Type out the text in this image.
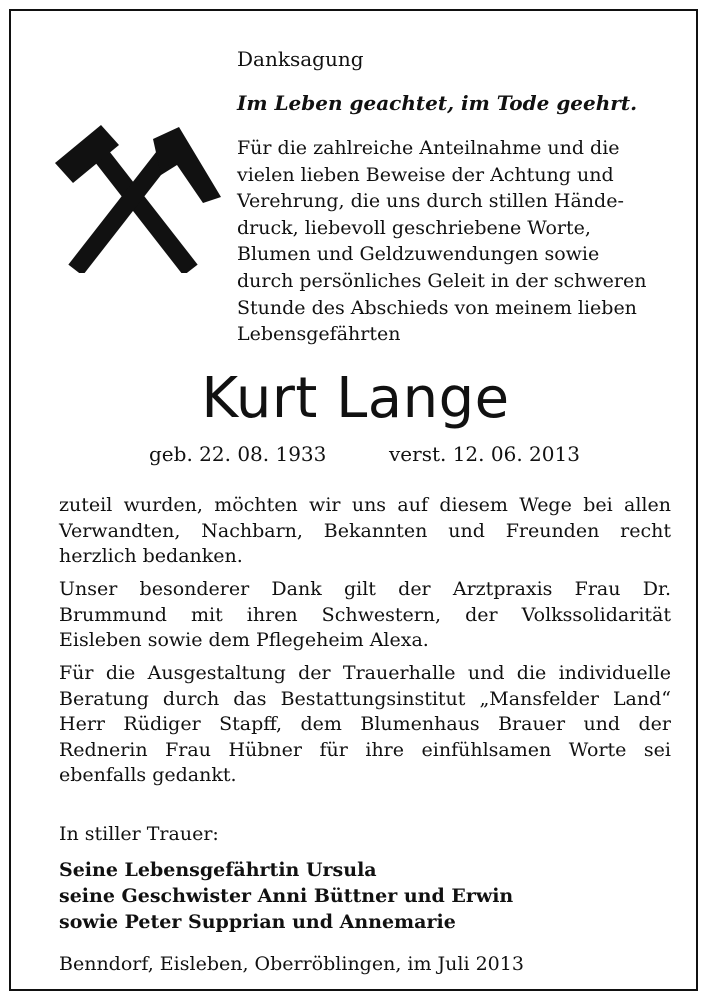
Danksagung
Im Leben geachtet, im Tode geehrt.
Für die zahlreiche Anteilnahme und die
vielen lieben Beweise der Achtung und
Verehrung, die uns durch stillen Hände-
druck, liebevoll geschriebene Worte,
Blumen und Geldzuwendungen sowie
durch persönliches Geleit in der schweren
Stunde des Abschieds von meinem lieben
Lebensgefährten
Kurt Lange
geb. 22. 08. 1933	verst. 12. 06. 2013
zuteil wurden, möchten wir uns auf diesem Wege bei allen
Verwandten, Nachbarn, Bekannten und Freunden recht
herzlich bedanken.
Unser besonderer Dank gilt der Arztpraxis Frau Dr.
Brummund mit ihren Schwestern, der Volkssolidarität
Eisleben sowie dem Pflegeheim Alexa.
Für die Ausgestaltung der Trauerhalle und die individuelle
Beratung durch das Bestattungsinstitut „Mansfelder Land“
Herr Rüdiger Stapff, dem Blumenhaus Brauer und der
Rednerin Frau Hübner für ihre einfühlsamen Worte sei
ebenfalls gedankt.
In stiller Trauer:
Seine Lebensgefährtin Ursula
seine Geschwister Anni Büttner und Erwin
sowie Peter Supprian und Annemarie
Benndorf, Eisleben, Oberröblingen, im Juli 2013
